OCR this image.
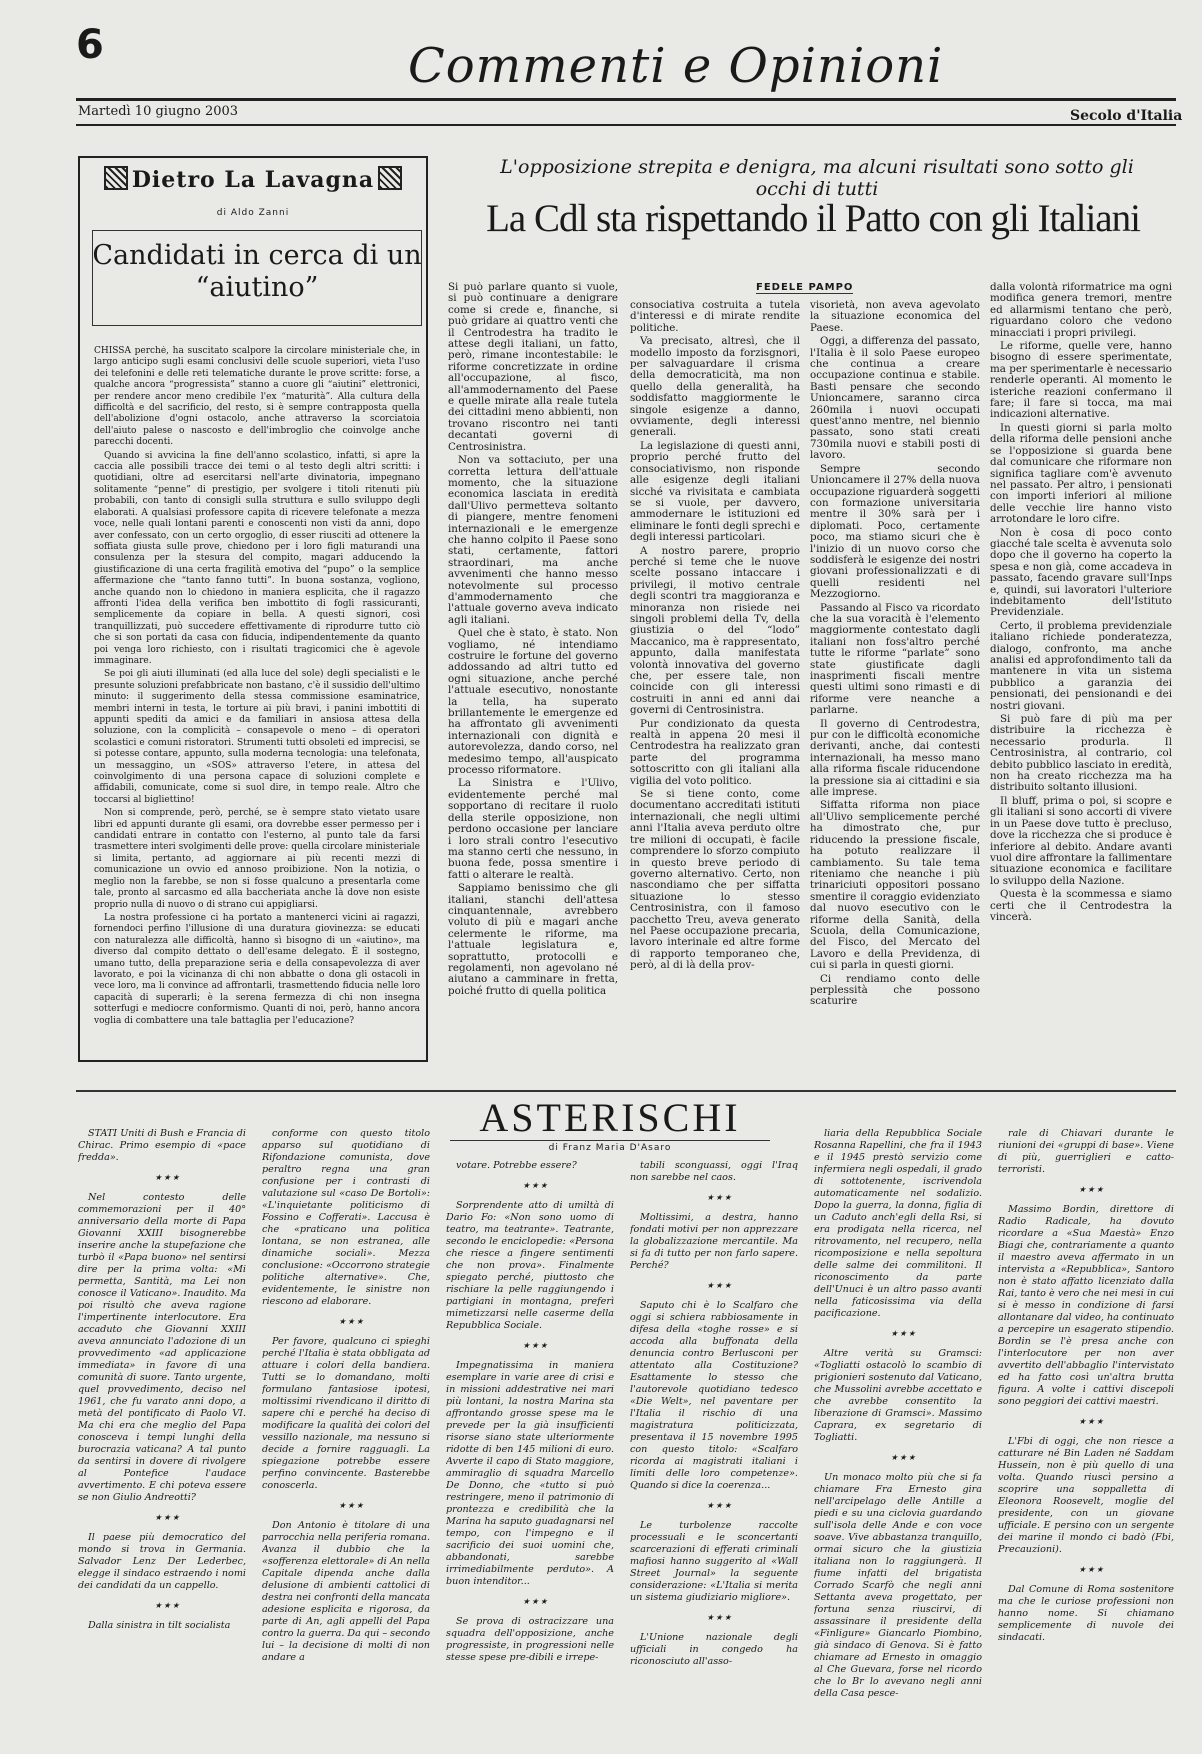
6	Commenti e Opinioni
Martedì 10 giugno 2003	Secolo d'Italia
Dietro La Lavagna
di Aldo Zanni
Candidati in cerca di un “aiutino”

CHISSÀ perché, ha suscitato scalpore la circolare ministeriale che, in largo anticipo sugli esami conclusivi delle scuole superiori, vieta l'uso dei telefonini e delle reti telematiche durante le prove scritte: forse, a qualche ancora “progressista” stanno a cuore gli “aiutini” elettronici, per rendere ancor meno credibile l'ex “maturità”. Alla cultura della difficoltà e del sacrificio, del resto, si è sempre contrapposta quella dell'abolizione d'ogni ostacolo, anche attraverso la scorciatoia dell'aiuto palese o nascosto e dell'imbroglio che coinvolge anche parecchi docenti.

Quando si avvicina la fine dell'anno scolastico, infatti, si apre la caccia alle possibili tracce dei temi o al testo degli altri scritti: i quotidiani, oltre ad esercitarsi nell'arte divinatoria, impegnano solitamente “penne” di prestigio, per svolgere i titoli ritenuti più probabili, con tanto di consigli sulla struttura e sullo sviluppo degli elaborati. A qualsiasi professore capita di ricevere telefonate a mezza voce, nelle quali lontani parenti e conoscenti non visti da anni, dopo aver confessato, con un certo orgoglio, di esser riusciti ad ottenere la soffiata giusta sulle prove, chiedono per i loro figli maturandi una consulenza per la stesura del compito, magari adducendo la giustificazione di una certa fragilità emotiva del “pupo” o la semplice affermazione che “tanto fanno tutti”. In buona sostanza, vogliono, anche quando non lo chiedono in maniera esplicita, che il ragazzo affronti l'idea della verifica ben imbottito di fogli rassicuranti, semplicemente da copiare in bella. A questi signori, così tranquillizzati, può succedere effettivamente di riprodurre tutto ciò che si son portati da casa con fiducia, indipendentemente da quanto poi venga loro richiesto, con i risultati tragicomici che è agevole immaginare.

Se poi gli aiuti illuminati (ed alla luce del sole) degli specialisti e le presunte soluzioni prefabbricate non bastano, c'è il sussidio dell'ultimo minuto: il suggerimento della stessa commissione esaminatrice, membri interni in testa, le torture ai più bravi, i panini imbottiti di appunti spediti da amici e da familiari in ansiosa attesa della soluzione, con la complicità – consapevole o meno – di operatori scolastici e comuni ristoratori. Strumenti tutti obsoleti ed imprecisi, se si potesse contare, appunto, sulla moderna tecnologia: una telefonata, un messaggino, un «SOS» attraverso l'etere, in attesa del coinvolgimento di una persona capace di soluzioni complete e affidabili, comunicate, come si suol dire, in tempo reale. Altro che toccarsi al bigliettino!

Non si comprende, però, perché, se è sempre stato vietato usare libri ed appunti durante gli esami, ora dovrebbe esser permesso per i candidati entrare in contatto con l'esterno, al punto tale da farsi trasmettere interi svolgimenti delle prove: quella circolare ministeriale si limita, pertanto, ad aggiornare ai più recenti mezzi di comunicazione un ovvio ed annoso proibizione. Non la notizia, o meglio non la farebbe, se non si fosse qualcuno a presentarla come tale, pronto al sarcasmo ed alla baccheriata anche là dove non esiste proprio nulla di nuovo o di strano cui appigliarsi.

La nostra professione ci ha portato a mantenerci vicini ai ragazzi, fornendoci perfino l'illusione di una duratura giovinezza: se educati con naturalezza alle difficoltà, hanno sì bisogno di un «aiutino», ma diverso dal compito dettato o dell'esame delegato. È il sostegno, umano tutto, della preparazione seria e della consapevolezza di aver lavorato, e poi la vicinanza di chi non abbatte o dona gli ostacoli in vece loro, ma li convince ad affrontarli, trasmettendo fiducia nelle loro capacità di superarli; è la serena fermezza di chi non insegna sotterfugi e mediocre conformismo. Quanti di noi, però, hanno ancora voglia di combattere una tale battaglia per l'educazione?

L'opposizione strepita e denigra, ma alcuni risultati sono sotto gli occhi di tutti
La Cdl sta rispettando il Patto con gli Italiani
FEDELE PAMPO

Si può parlare quanto si vuole, si può continuare a denigrare come si crede e, finanche, si può gridare ai quattro venti che il Centrodestra ha tradito le attese degli italiani, un fatto, però, rimane incontestabile: le riforme concretizzate in ordine all'occupazione, al fisco, all'ammodernamento del Paese e quelle mirate alla reale tutela dei cittadini meno abbienti, non trovano riscontro nei tanti decantati governi di Centrosinistra.

Non va sottaciuto, per una corretta lettura dell'attuale momento, che la situazione economica lasciata in eredità dall'Ulivo permetteva soltanto di piangere, mentre fenomeni internazionali e le emergenze che hanno colpito il Paese sono stati, certamente, fattori straordinari, ma anche avvenimenti che hanno messo notevolmente sul processo d'ammodernamento che l'attuale governo aveva indicato agli italiani.

Quel che è stato, è stato. Non vogliamo, né intendiamo costruire le fortune del governo addossando ad altri tutto ed ogni situazione, anche perché l'attuale esecutivo, nonostante la tella, ha superato brillantemente le emergenze ed ha affrontato gli avvenimenti internazionali con dignità e autorevolezza, dando corso, nel medesimo tempo, all'auspicato processo riformatore.

La Sinistra e l'Ulivo, evidentemente perché mal sopportano di recitare il ruolo della sterile opposizione, non perdono occasione per lanciare i loro strali contro l'esecutivo ma stanno certi che nessuno, in buona fede, possa smentire i fatti o alterare le realtà.

Sappiamo benissimo che gli italiani, stanchi dell'attesa cinquantennale, avrebbero voluto di più e magari anche celermente le riforme, ma l'attuale legislatura e, soprattutto, protocolli e regolamenti, non agevolano né aiutano a camminare in fretta, poiché frutto di quella politica

consociativa costruita a tutela d'interessi e di mirate rendite politiche.

Va precisato, altresì, che il modello imposto da forzisgnori, per salvaguardare il crisma della democraticità, ma non quello della generalità, ha soddisfatto maggiormente le singole esigenze a danno, ovviamente, degli interessi generali.

La legislazione di questi anni, proprio perché frutto del consociativismo, non risponde alle esigenze degli italiani sicché va rivisitata e cambiata se si vuole, per davvero, ammodernare le istituzioni ed eliminare le fonti degli sprechi e degli interessi particolari.

A nostro parere, proprio perché si teme che le nuove scelte possano intaccare i privilegi, il motivo centrale degli scontri tra maggioranza e minoranza non risiede nei singoli problemi della Tv, della giustizia o del “lodo” Maccanico, ma è rappresentato, appunto, dalla manifestata volontà innovativa del governo che, per essere tale, non coincide con gli interessi costruiti in anni ed anni dai governi di Centrosinistra.

Pur condizionato da questa realtà in appena 20 mesi il Centrodestra ha realizzato gran parte del programma sottoscritto con gli italiani alla vigilia del voto politico.

Se si tiene conto, come documentano accreditati istituti internazionali, che negli ultimi anni l'Italia aveva perduto oltre tre milioni di occupati, è facile comprendere lo sforzo compiuto in questo breve periodo di governo alternativo. Certo, non nascondiamo che per siffatta situazione lo stesso Centrosinistra, con il famoso pacchetto Treu, aveva generato nel Paese occupazione precaria, lavoro interinale ed altre forme di rapporto temporaneo che, però, al di là della prov-

visorietà, non aveva agevolato la situazione economica del Paese.

Oggi, a differenza del passato, l'Italia è il solo Paese europeo che continua a creare occupazione continua e stabile. Basti pensare che secondo Unioncamere, saranno circa 260mila i nuovi occupati quest'anno mentre, nel biennio passato, sono stati creati 730mila nuovi e stabili posti di lavoro.

Sempre secondo Unioncamere il 27% della nuova occupazione riguarderà soggetti con formazione universitaria mentre il 30% sarà per i diplomati. Poco, certamente poco, ma stiamo sicuri che è l'inizio di un nuovo corso che soddisferà le esigenze dei nostri giovani professionalizzati e di quelli residenti nel Mezzogiorno.

Passando al Fisco va ricordato che la sua voracità è l'elemento maggiormente contestato dagli italiani non foss'altro perché tutte le riforme “parlate” sono state giustificate dagli inasprimenti fiscali mentre questi ultimi sono rimasti e di riforme vere neanche a parlarne.

Il governo di Centrodestra, pur con le difficoltà economiche derivanti, anche, dai contesti internazionali, ha messo mano alla riforma fiscale riducendone la pressione sia ai cittadini e sia alle imprese.

Siffatta riforma non piace all'Ulivo semplicemente perché ha dimostrato che, pur riducendo la pressione fiscale, ha potuto realizzare il cambiamento. Su tale tema riteniamo che neanche i più trinariciuti oppositori possano smentire il coraggio evidenziato dal nuovo esecutivo con le riforme della Sanità, della Scuola, della Comunicazione, del Fisco, del Mercato del Lavoro e della Previdenza, di cui si parla in questi giorni.

Ci rendiamo conto delle perplessità che possono scaturire

dalla volontà riformatrice ma ogni modifica genera tremori, mentre ed allarmismi tentano che però, riguardano coloro che vedono minacciati i propri privilegi.

Le riforme, quelle vere, hanno bisogno di essere sperimentate, ma per sperimentarle è necessario renderle operanti. Al momento le isteriche reazioni confermano il fare; il fare si tocca, ma mai indicazioni alternative.

In questi giorni si parla molto della riforma delle pensioni anche se l'opposizione si guarda bene dal comunicare che riformare non significa tagliare com'è avvenuto nel passato. Per altro, i pensionati con importi inferiori al milione delle vecchie lire hanno visto arrotondare le loro cifre.

Non è cosa di poco conto giacché tale scelta è avvenuta solo dopo che il governo ha coperto la spesa e non già, come accadeva in passato, facendo gravare sull'Inps e, quindi, sui lavoratori l'ulteriore indebitamento dell'Istituto Previdenziale.

Certo, il problema previdenziale italiano richiede ponderatezza, dialogo, confronto, ma anche analisi ed approfondimento tali da mantenere in vita un sistema pubblico a garanzia dei pensionati, dei pensionandi e dei nostri giovani.

Si può fare di più ma per distribuire la ricchezza è necessario produrla. Il Centrosinistra, al contrario, col debito pubblico lasciato in eredità, non ha creato ricchezza ma ha distribuito soltanto illusioni.

Il bluff, prima o poi, si scopre e gli italiani si sono accorti di vivere in un Paese dove tutto è precluso, dove la ricchezza che si produce è inferiore al debito. Andare avanti vuol dire affrontare la fallimentare situazione economica e facilitare lo sviluppo della Nazione.

Questa è la scommessa e siamo certi che il Centrodestra la vincerà.

ASTERISCHI
di Franz Maria D'Asaro

STATI Uniti di Bush e Francia di Chirac. Primo esempio di «pace fredda».

★ ★ ★

Nel contesto delle commemorazioni per il 40° anniversario della morte di Papa Giovanni XXIII bisognerebbe inserire anche la stupefazione che turbò il «Papa buono» nel sentirsi dire per la prima volta: «Mi permetta, Santità, ma Lei non conosce il Vaticano». Inaudito. Ma poi risultò che aveva ragione l'impertinente interlocutore. Era accaduto che Giovanni XXIII aveva annunciato l'adozione di un provvedimento «ad applicazione immediata» in favore di una comunità di suore. Tanto urgente, quel provvedimento, deciso nel 1961, che fu varato anni dopo, a metà del pontificato di Paolo VI. Ma chi era che meglio del Papa conosceva i tempi lunghi della burocrazia vaticana? A tal punto da sentirsi in dovere di rivolgere al Pontefice l'audace avvertimento. E chi poteva essere se non Giulio Andreotti?

★ ★ ★

Il paese più democratico del mondo si trova in Germania. Salvador Lenz Der Lederbec, elegge il sindaco estraendo i nomi dei candidati da un cappello.

★ ★ ★

Dalla sinistra in tilt socialista

conforme con questo titolo apparso sul quotidiano di Rifondazione comunista, dove peraltro regna una gran confusione per i contrasti di valutazione sul «caso De Bortoli»: «L'inquietante politicismo di Fossino e Cofferati». Laccusa è che «praticano una politica lontana, se non estranea, alle dinamiche sociali». Mezza conclusione: «Occorrono strategie politiche alternative». Che, evidentemente, le sinistre non riescono ad elaborare.

★ ★ ★

Per favore, qualcuno ci spieghi perché l'Italia è stata obbligata ad attuare i colori della bandiera. Tutti se lo domandano, molti formulano fantasiose ipotesi, moltissimi rivendicano il diritto di sapere chi e perché ha deciso di modificare la qualità dei colori del vessillo nazionale, ma nessuno si decide a fornire ragguagli. La spiegazione potrebbe essere perfino convincente. Basterebbe conoscerla.

★ ★ ★

Don Antonio è titolare di una parrocchia nella periferia romana. Avanza il dubbio che la «sofferenza elettorale» di An nella Capitale dipenda anche dalla delusione di ambienti cattolici di destra nei confronti della mancata adesione esplicita e rigorosa, da parte di An, agli appelli del Papa contro la guerra. Da qui – secondo lui – la decisione di molti di non andare a

votare. Potrebbe essere?

★ ★ ★

Sorprendente atto di umiltà di Dario Fo: «Non sono uomo di teatro, ma teatrante». Teatrante, secondo le enciclopedie: «Persona che riesce a fingere sentimenti che non prova». Finalmente spiegato perché, piuttosto che rischiare la pelle raggiungendo i partigiani in montagna, preferì mimetizzarsi nelle caserme della Repubblica Sociale.

★ ★ ★

Impegnatissima in maniera esemplare in varie aree di crisi e in missioni addestrative nei mari più lontani, la nostra Marina sta affrontando grosse spese ma le prevede per la già insufficienti risorse siano state ulteriormente ridotte di ben 145 milioni di euro. Avverte il capo di Stato maggiore, ammiraglio di squadra Marcello De Donno, che «tutto si può restringere, meno il patrimonio di prontezza e credibilità che la Marina ha saputo guadagnarsi nel tempo, con l'impegno e il sacrificio dei suoi uomini che, abbandonati, sarebbe irrimediabilmente perduto». A buon intenditor...

★ ★ ★

Se prova di ostracizzare una squadra dell'opposizione, anche progressiste, in progressioni nelle stesse spese pre-dibili e irrepe-

tabili sconguassi, oggi l'Iraq non sarebbe nel caos.

★ ★ ★

Moltissimi, a destra, hanno fondati motivi per non apprezzare la globalizzazione mercantile. Ma si fa di tutto per non farlo sapere. Perché?

★ ★ ★

Saputo chi è lo Scalfaro che oggi si schiera rabbiosamente in difesa della «toghe rosse» e si accoda alla buffonata della denuncia contro Berlusconi per attentato alla Costituzione? Esattamente lo stesso che l'autorevole quotidiano tedesco «Die Welt», nel paventare per l'Italia il rischio di una magistratura politicizzata, presentava il 15 novembre 1995 con questo titolo: «Scalfaro ricorda ai magistrati italiani i limiti delle loro competenze». Quando si dice la coerenza...

★ ★ ★

Le turbolenze raccolte processuali e le sconcertanti scarcerazioni di efferati criminali mafiosi hanno suggerito al «Wall Street Journal» la seguente considerazione: «L'Italia si merita un sistema giudiziario migliore».

★ ★ ★

L'Unione nazionale degli ufficiali in congedo ha riconosciuto all'asso-

liaria della Repubblica Sociale Rosanna Rapellini, che fra il 1943 e il 1945 prestò servizio come infermiera negli ospedali, il grado di sottotenente, iscrivendola automaticamente nel sodalizio. Dopo la guerra, la donna, figlia di un Caduto anch'egli della Rsi, si era prodigata nella ricerca, nel ritrovamento, nel recupero, nella ricomposizione e nella sepoltura delle salme dei commilitoni. Il riconoscimento da parte dell'Unuci è un altro passo avanti nella faticosissima via della pacificazione.

★ ★ ★

Altre verità su Gramsci: «Togliatti ostacolò lo scambio di prigionieri sostenuto dal Vaticano, che Mussolini avrebbe accettato e che avrebbe consentito la liberazione di Gramsci». Massimo Caprara, ex segretario di Togliatti.

★ ★ ★

Un monaco molto più che si fa chiamare Fra Ernesto gira nell'arcipelago delle Antille a piedi e su una ciclovia guardando sull'isola delle Ande e con voce soave. Vive abbastanza tranquillo, ormai sicuro che la giustizia italiana non lo raggiungerà. Il fiume infatti del brigatista Corrado Scarfò che negli anni Settanta aveva progettato, per fortuna senza riuscirvi, di assassinare il presidente della «Finligure» Giancarlo Piombino, già sindaco di Genova. Si è fatto chiamare ad Ernesto in omaggio al Che Guevara, forse nel ricordo che lo Br lo avevano negli anni della Casa pesce-

rale di Chiavari durante le riunioni dei «gruppi di base». Viene di più, guerriglieri e catto-terroristi.

★ ★ ★

Massimo Bordin, direttore di Radio Radicale, ha dovuto ricordare a «Sua Maestà» Enzo Biagi che, contrariamente a quanto il maestro aveva affermato in un intervista a «Repubblica», Santoro non è stato affatto licenziato dalla Rai, tanto è vero che nei mesi in cui si è messo in condizione di farsi allontanare dal video, ha continuato a percepire un esagerato stipendio. Bordin se l'è presa anche con l'interlocutore per non aver avvertito dell'abbaglio l'intervistato ed ha fatto così un'altra brutta figura. A volte i cattivi discepoli sono peggiori dei cattivi maestri.

★ ★ ★

L'Fbi di oggi, che non riesce a catturare né Bin Laden né Saddam Hussein, non è più quello di una volta. Quando riuscì persino a scoprire una soppalletta di Eleonora Roosevelt, moglie del presidente, con un giovane ufficiale. E persino con un sergente dei marine il mondo ci badò (Fbi, Precauzioni).

★ ★ ★

Dal Comune di Roma sostenitore ma che le curiose professioni non hanno nome. Si chiamano semplicemente di nuvole dei sindacati.
